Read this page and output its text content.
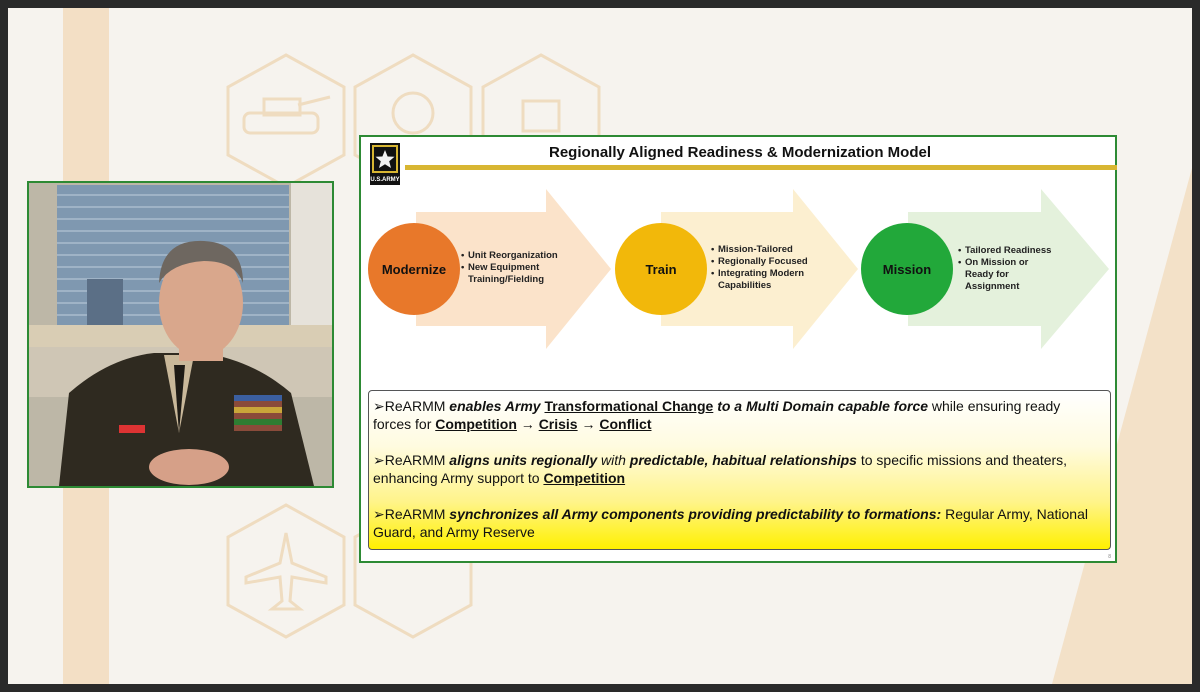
U.S.ARMY
Regionally Aligned Readiness & Modernization Model
Modernize
• Unit Reorganization
• New Equipment Training/Fielding
Train
• Mission-Tailored
• Regionally Focused
• Integrating Modern Capabilities
Mission
• Tailored Readiness
• On Mission or Ready for Assignment

➢ReARMM enables Army Transformational Change to a Multi Domain capable force while ensuring ready forces for Competition → Crisis → Conflict

➢ReARMM aligns units regionally with predictable, habitual relationships to specific missions and theaters, enhancing Army support to Competition

➢ReARMM synchronizes all Army components providing predictability to formations: Regular Army, National Guard, and Army Reserve

8
